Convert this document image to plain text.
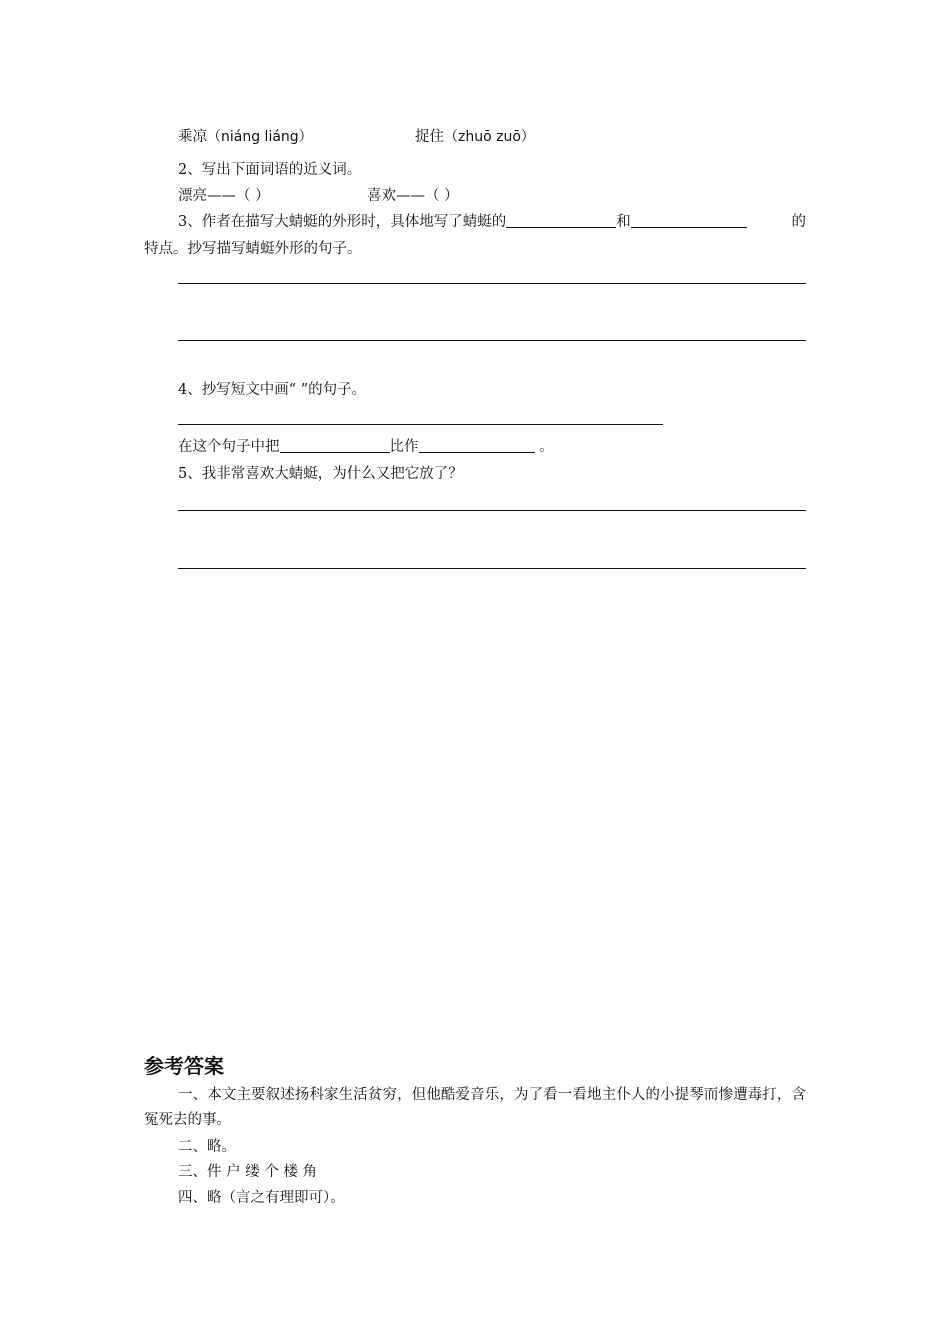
乘凉（niáng liáng）	捉住（zhuō zuō）
2、写出下面词语的近义词。
漂亮——（ ）	喜欢——（ ）
3、作者在描写大蜻蜓的外形时，具体地写了蜻蜓的	和	的
特点。抄写描写蜻蜓外形的句子。
4、抄写短文中画“ ”的句子。
在这个句子中把	比作	。
5、我非常喜欢大蜻蜓，为什么又把它放了？
参考答案
一、本文主要叙述扬科家生活贫穷，但他酷爱音乐，为了看一看地主仆人的小提琴而惨遭毒打，含冤死去的事。
二、略。
三、件 户 缕 个 楼 角
四、略（言之有理即可）。
